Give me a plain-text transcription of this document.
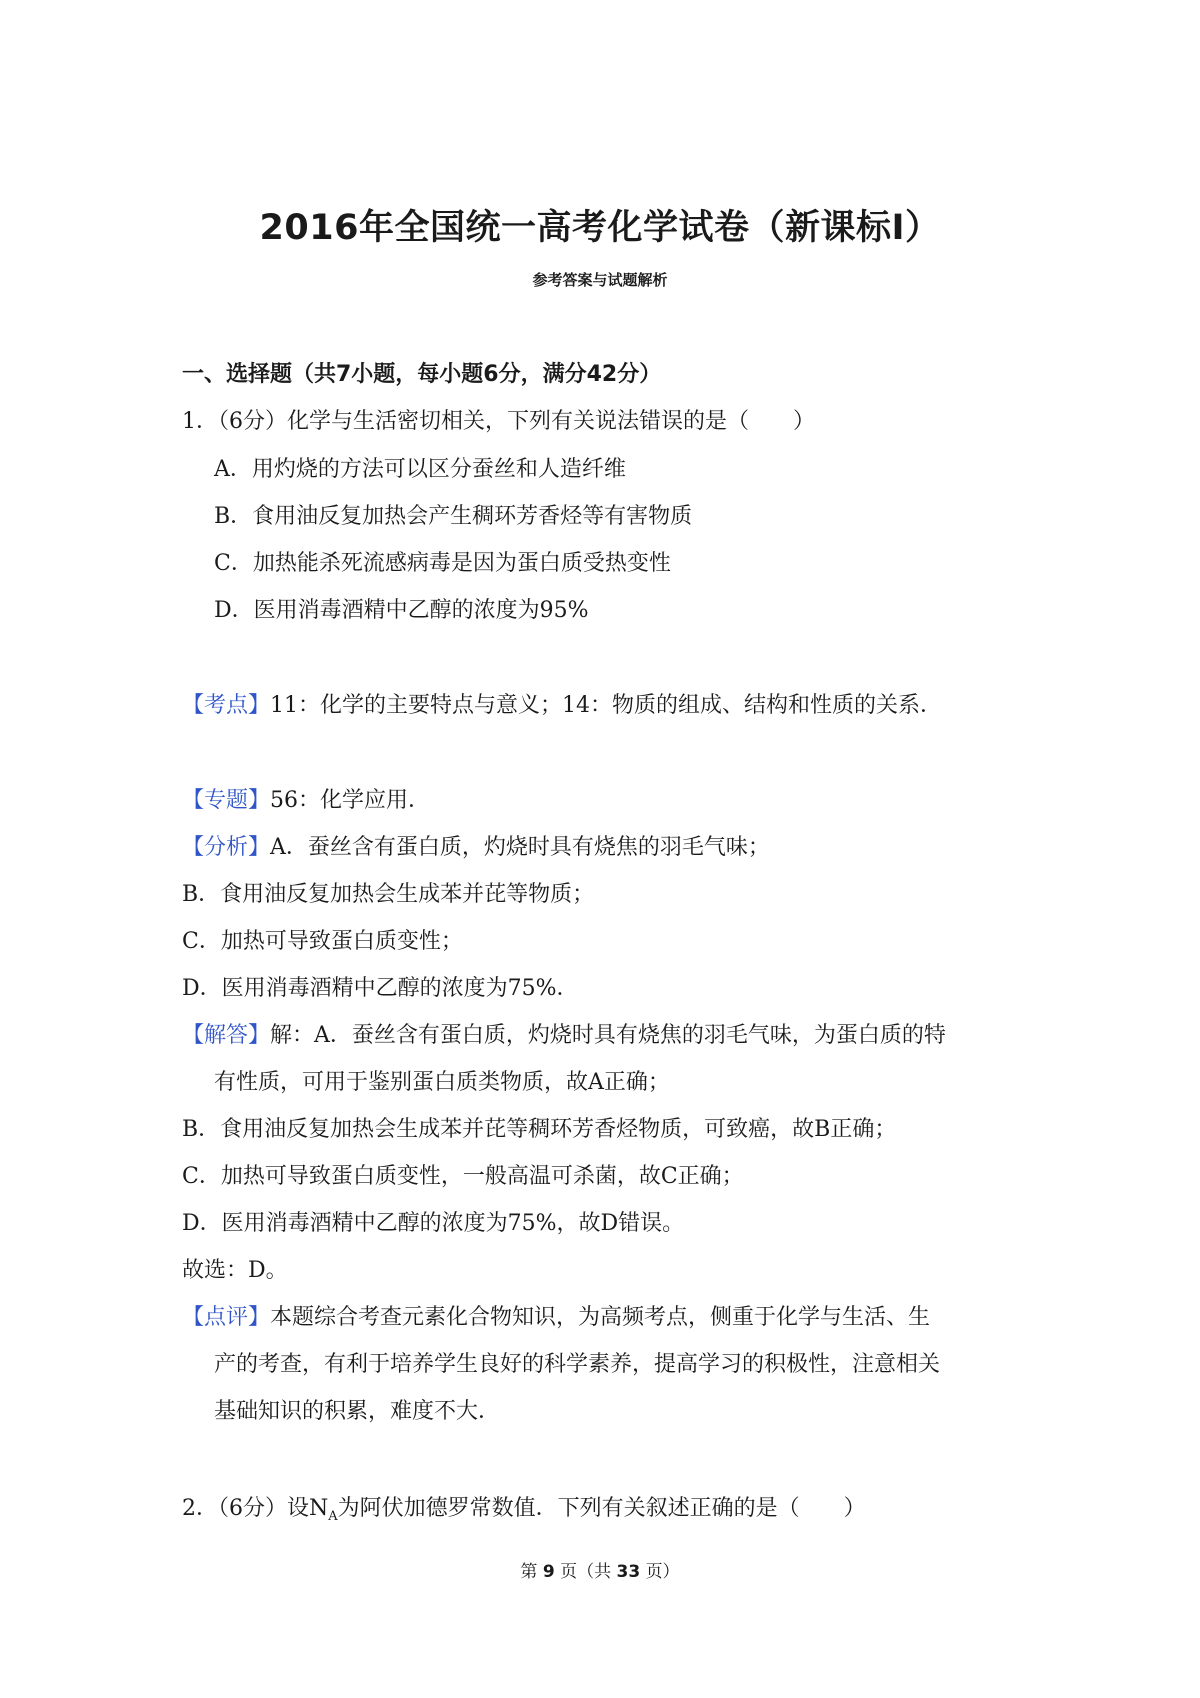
2016年全国统一高考化学试卷（新课标Ⅰ）
参考答案与试题解析
一、选择题（共7小题，每小题6分，满分42分）
1．（6分）化学与生活密切相关，下列有关说法错误的是（　　）
A．用灼烧的方法可以区分蚕丝和人造纤维
B．食用油反复加热会产生稠环芳香烃等有害物质
C．加热能杀死流感病毒是因为蛋白质受热变性
D．医用消毒酒精中乙醇的浓度为95%
【考点】11：化学的主要特点与意义；14：物质的组成、结构和性质的关系．
【专题】56：化学应用．
【分析】A．蚕丝含有蛋白质，灼烧时具有烧焦的羽毛气味；
B．食用油反复加热会生成苯并芘等物质；
C．加热可导致蛋白质变性；
D．医用消毒酒精中乙醇的浓度为75%．
【解答】解：A．蚕丝含有蛋白质，灼烧时具有烧焦的羽毛气味，为蛋白质的特
有性质，可用于鉴别蛋白质类物质，故A正确；
B．食用油反复加热会生成苯并芘等稠环芳香烃物质，可致癌，故B正确；
C．加热可导致蛋白质变性，一般高温可杀菌，故C正确；
D．医用消毒酒精中乙醇的浓度为75%，故D错误。
故选：D。
【点评】本题综合考查元素化合物知识，为高频考点，侧重于化学与生活、生
产的考查，有利于培养学生良好的科学素养，提高学习的积极性，注意相关
基础知识的积累，难度不大．
2．（6分）设$N_A$为阿伏加德罗常数值．下列有关叙述正确的是（　　）
第 9 页（共 33 页）
